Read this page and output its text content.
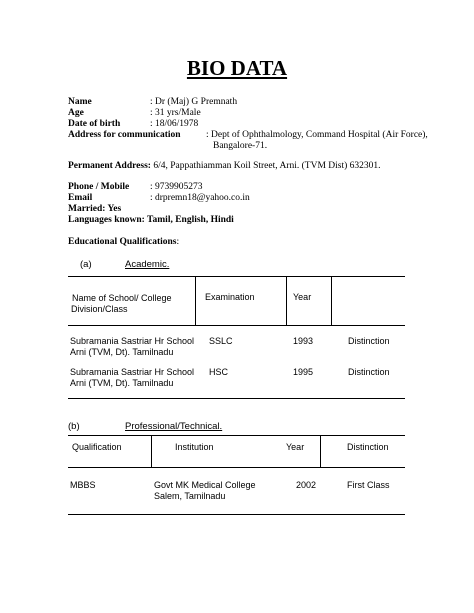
BIO DATA
Name	: Dr (Maj) G Premnath
Age	: 31 yrs/Male
Date of birth	: 18/06/1978
Address for communication	: Dept of Ophthalmology, Command Hospital (Air Force),
Bangalore-71.
Permanent Address: 6/4, Pappathiamman Koil Street, Arni. (TVM Dist) 632301.
Phone / Mobile : 9739905273
Email	: drpremn18@yahoo.co.in
Married: Yes
Languages known: Tamil, English, Hindi
Educational Qualifications:
(a)	Academic.
Name of School/ College
Division/Class
Examination	Year
Subramania Sastriar Hr School
Arni (TVM, Dt). Tamilnadu
SSLC	1993	Distinction
Subramania Sastriar Hr School
Arni (TVM, Dt). Tamilnadu
HSC	1995	Distinction
(b)	Professional/Technical.
Qualification	Institution	Year	Distinction
MBBS	Govt MK Medical College
Salem, Tamilnadu
2002	First Class
